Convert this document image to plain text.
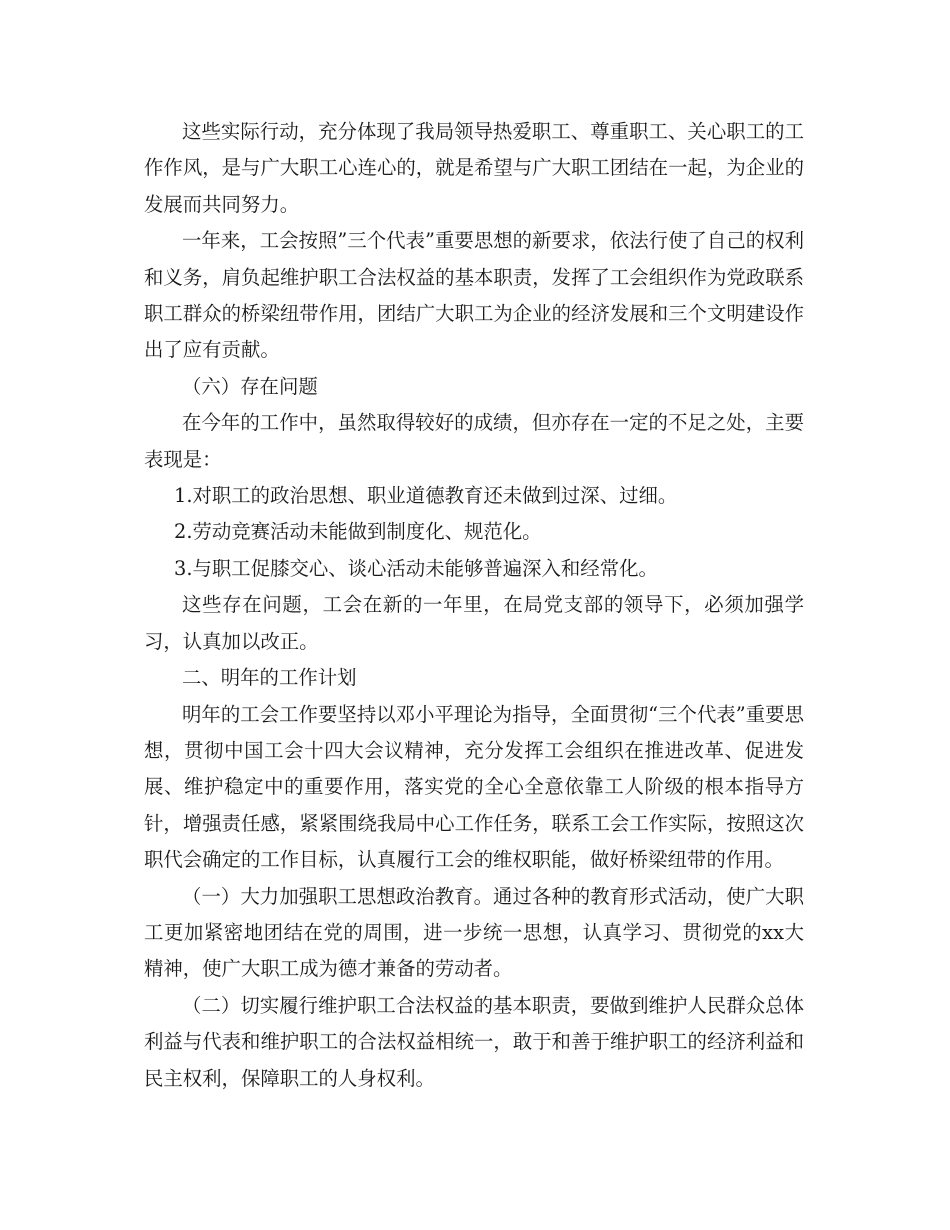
这些实际行动，充分体现了我局领导热爱职工、尊重职工、关心职工的工作作风，是与广大职工心连心的，就是希望与广大职工团结在一起，为企业的发展而共同努力。

一年来，工会按照”三个代表”重要思想的新要求，依法行使了自己的权利和义务，肩负起维护职工合法权益的基本职责，发挥了工会组织作为党政联系职工群众的桥梁纽带作用，团结广大职工为企业的经济发展和三个文明建设作出了应有贡献。

（六）存在问题

在今年的工作中，虽然取得较好的成绩，但亦存在一定的不足之处，主要表现是：

1.对职工的政治思想、职业道德教育还未做到过深、过细。

2.劳动竞赛活动未能做到制度化、规范化。

3.与职工促膝交心、谈心活动未能够普遍深入和经常化。

这些存在问题，工会在新的一年里，在局党支部的领导下，必须加强学习，认真加以改正。

二、明年的工作计划

明年的工会工作要坚持以邓小平理论为指导，全面贯彻“三个代表”重要思想，贯彻中国工会十四大会议精神，充分发挥工会组织在推进改革、促进发展、维护稳定中的重要作用，落实党的全心全意依靠工人阶级的根本指导方针，增强责任感，紧紧围绕我局中心工作任务，联系工会工作实际，按照这次职代会确定的工作目标，认真履行工会的维权职能，做好桥梁纽带的作用。

（一）大力加强职工思想政治教育。通过各种的教育形式活动，使广大职工更加紧密地团结在党的周围，进一步统一思想，认真学习、贯彻党的xx大精神，使广大职工成为德才兼备的劳动者。

（二）切实履行维护职工合法权益的基本职责，要做到维护人民群众总体利益与代表和维护职工的合法权益相统一，敢于和善于维护职工的经济利益和民主权利，保障职工的人身权利。
